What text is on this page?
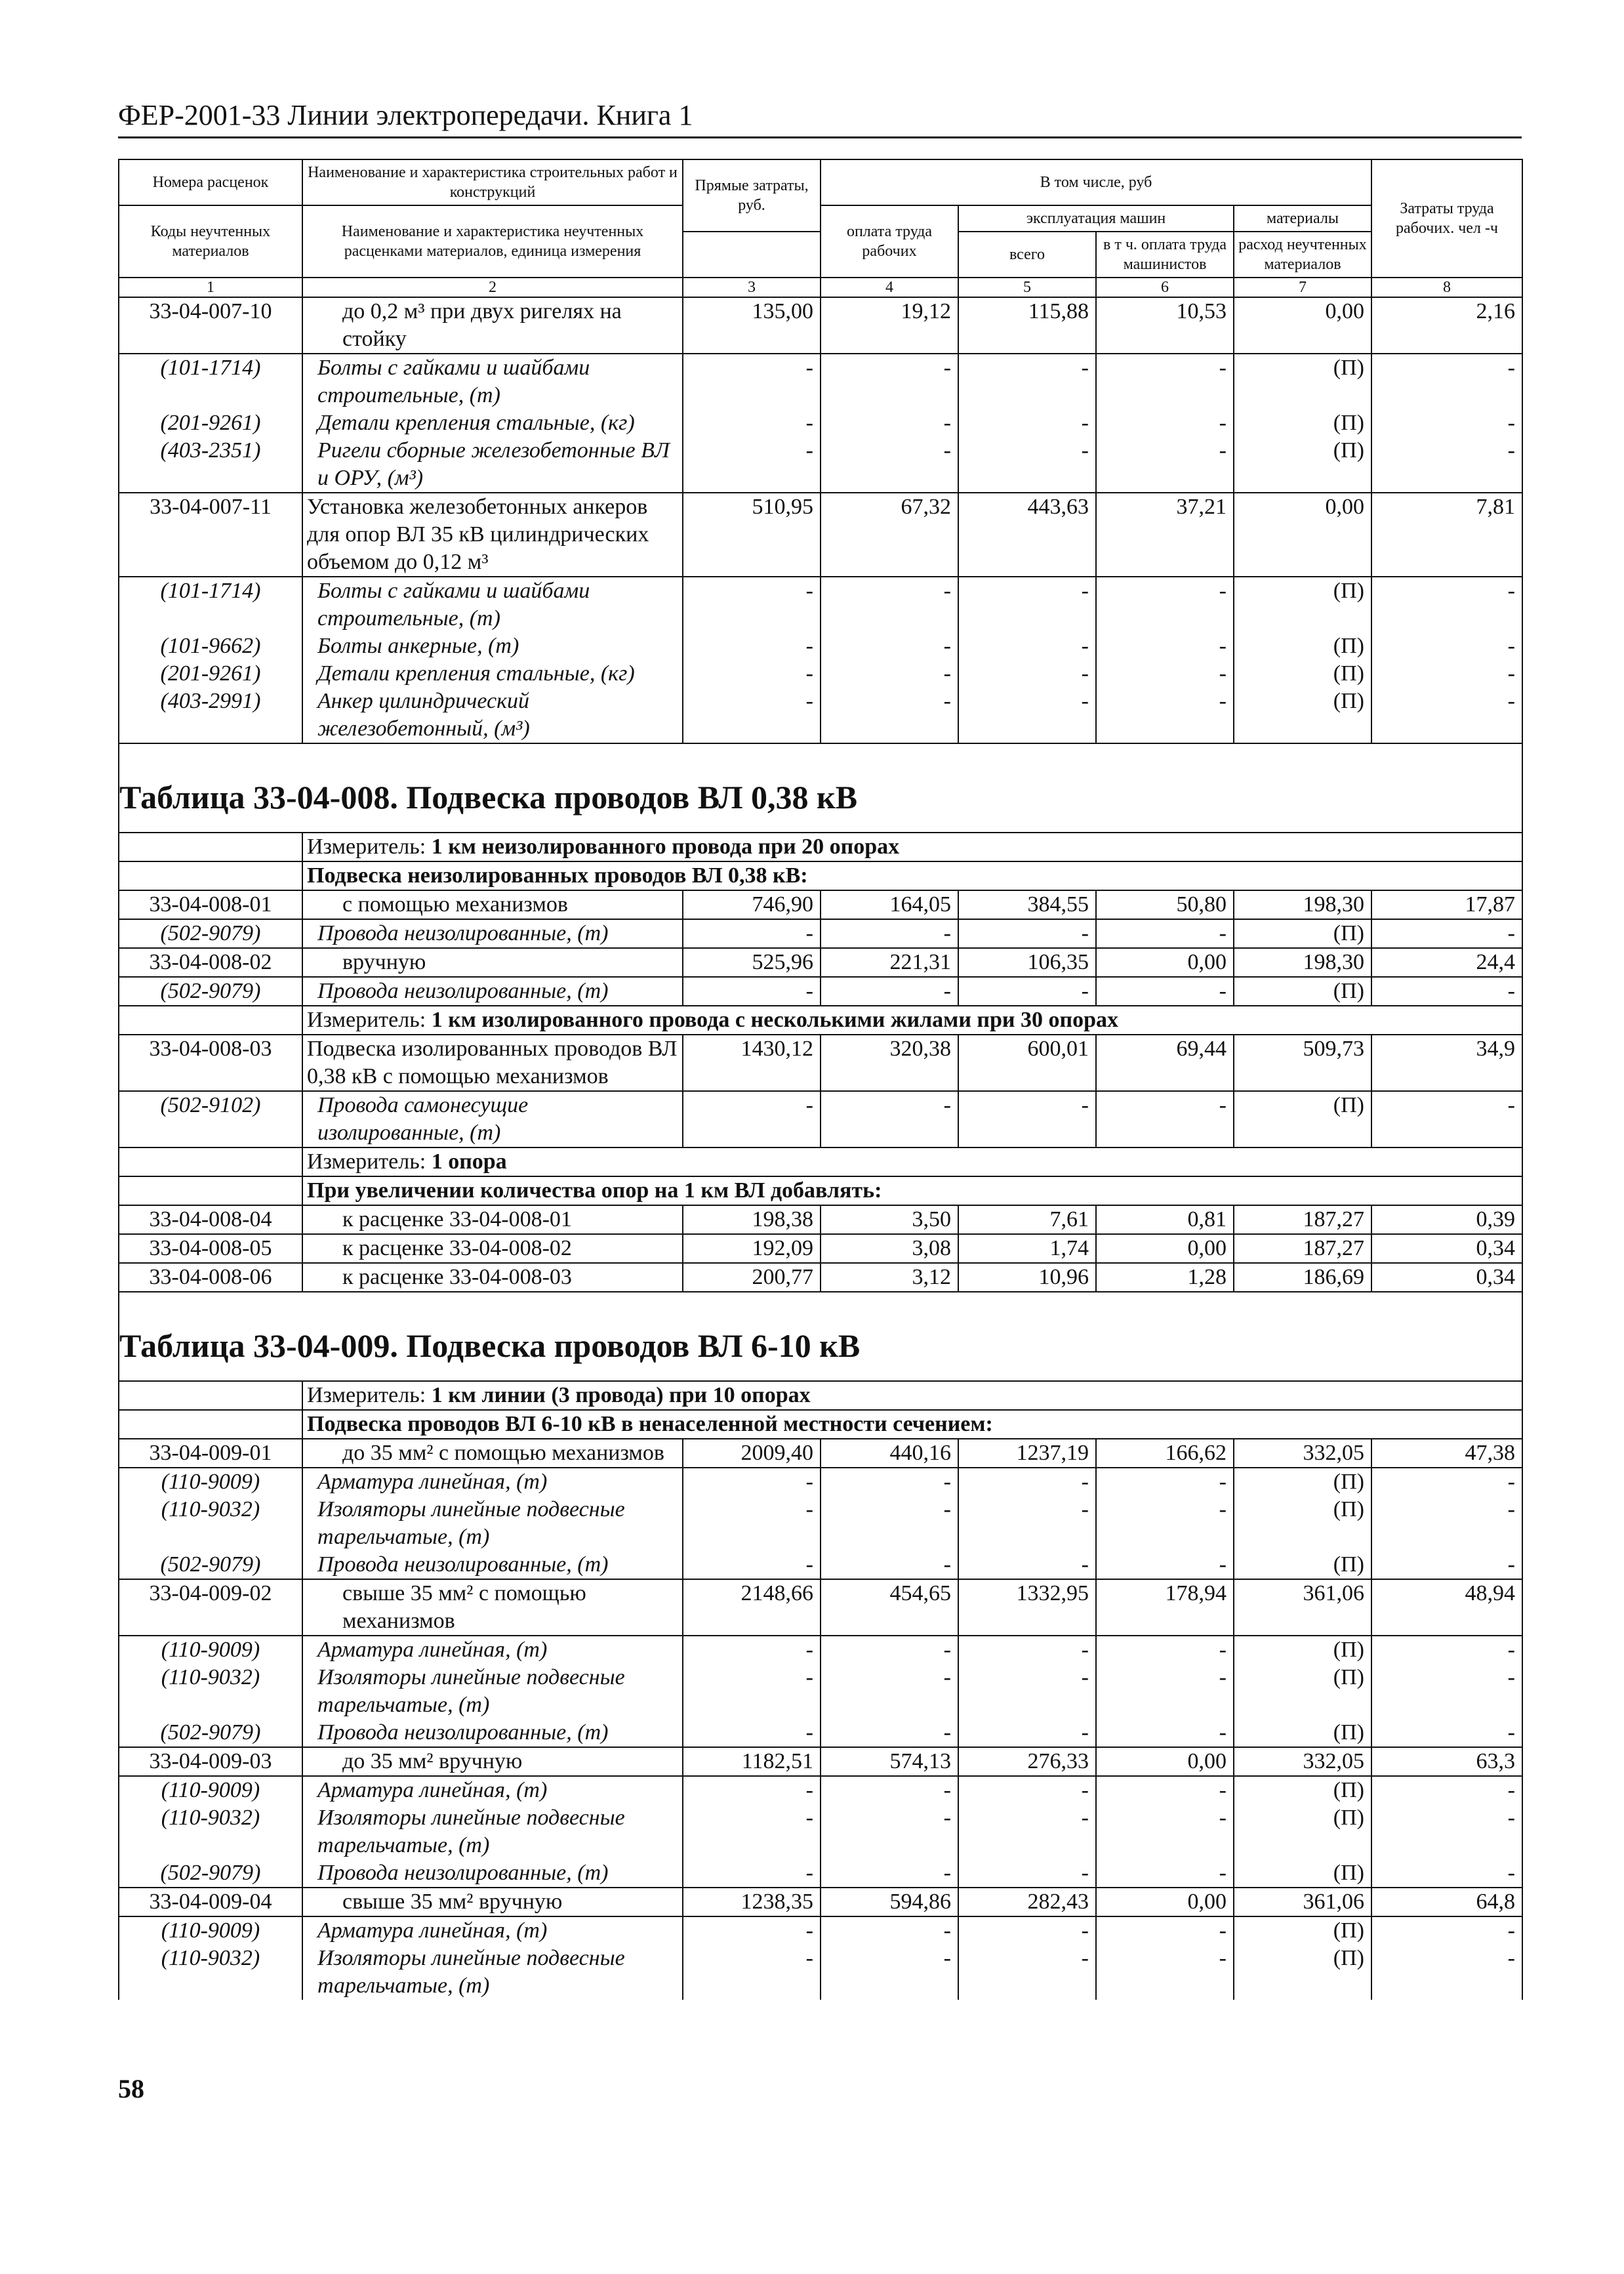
ФЕР-2001-33 Линии электропередачи. Книга 1
Номера расценок	Наименование и характеристика строительных работ и конструкций	Прямые затраты, руб.	В том числе, руб				Затраты труда рабочих. чел -ч
Коды неучтенных материалов	Наименование и характеристика неучтенных расценками материалов, единица измерения		оплата труда рабочих	эксплуатация машин		материалы	
				всего	в т ч. оплата труда машинистов	расход неучтенных материалов	

1	2	3	4	5	6	7	8
33-04-007-10	до 0,2 м³ при двух ригелях на стойку	135,00	19,12	115,88	10,53	0,00	2,16
(101-1714)	Болты с гайками и шайбами строительные, (т)	-	-	-	-	(П)	-
(201-9261)	Детали крепления стальные, (кг)	-	-	-	-	(П)	-
(403-2351)	Ригели сборные железобетонные ВЛ и ОРУ, (м³)	-	-	-	-	(П)	-
33-04-007-11	Установка железобетонных анкеров для опор ВЛ 35 кВ цилиндрических объемом до 0,12 м³	510,95	67,32	443,63	37,21	0,00	7,81
(101-1714)	Болты с гайками и шайбами строительные, (т)	-	-	-	-	(П)	-
(101-9662)	Болты анкерные, (т)	-	-	-	-	(П)	-
(201-9261)	Детали крепления стальные, (кг)	-	-	-	-	(П)	-
(403-2991)	Анкер цилиндрический железобетонный, (м³)	-	-	-	-	(П)	-
Таблица 33-04-008. Подвеска проводов ВЛ 0,38 кВ							
	Измеритель: 1 км неизолированного провода при 20 опорах						
	Подвеска неизолированных проводов ВЛ 0,38 кВ:						
33-04-008-01	с помощью механизмов	746,90	164,05	384,55	50,80	198,30	17,87
(502-9079)	Провода неизолированные, (т)	-	-	-	-	(П)	-
33-04-008-02	вручную	525,96	221,31	106,35	0,00	198,30	24,4
(502-9079)	Провода неизолированные, (т)	-	-	-	-	(П)	-
	Измеритель: 1 км изолированного провода с несколькими жилами при 30 опорах						
33-04-008-03	Подвеска изолированных проводов ВЛ 0,38 кВ с помощью механизмов	1430,12	320,38	600,01	69,44	509,73	34,9
(502-9102)	Провода самонесущие изолированные, (т)	-	-	-	-	(П)	-
	Измеритель: 1 опора						
	При увеличении количества опор на 1 км ВЛ добавлять:						
33-04-008-04	к расценке 33-04-008-01	198,38	3,50	7,61	0,81	187,27	0,39
33-04-008-05	к расценке 33-04-008-02	192,09	3,08	1,74	0,00	187,27	0,34
33-04-008-06	к расценке 33-04-008-03	200,77	3,12	10,96	1,28	186,69	0,34
Таблица 33-04-009. Подвеска проводов ВЛ 6-10 кВ							
	Измеритель: 1 км линии (3 провода) при 10 опорах						
	Подвеска проводов ВЛ 6-10 кВ в ненаселенной местности сечением:						
33-04-009-01	до 35 мм² с помощью механизмов	2009,40	440,16	1237,19	166,62	332,05	47,38
(110-9009)	Арматура линейная, (т)	-	-	-	-	(П)	-
(110-9032)	Изоляторы линейные подвесные тарельчатые, (т)	-	-	-	-	(П)	-
(502-9079)	Провода неизолированные, (т)	-	-	-	-	(П)	-
33-04-009-02	свыше 35 мм² с помощью механизмов	2148,66	454,65	1332,95	178,94	361,06	48,94
(110-9009)	Арматура линейная, (т)	-	-	-	-	(П)	-
(110-9032)	Изоляторы линейные подвесные тарельчатые, (т)	-	-	-	-	(П)	-
(502-9079)	Провода неизолированные, (т)	-	-	-	-	(П)	-
33-04-009-03	до 35 мм² вручную	1182,51	574,13	276,33	0,00	332,05	63,3
(110-9009)	Арматура линейная, (т)	-	-	-	-	(П)	-
(110-9032)	Изоляторы линейные подвесные тарельчатые, (т)	-	-	-	-	(П)	-
(502-9079)	Провода неизолированные, (т)	-	-	-	-	(П)	-
33-04-009-04	свыше 35 мм² вручную	1238,35	594,86	282,43	0,00	361,06	64,8
(110-9009)	Арматура линейная, (т)	-	-	-	-	(П)	-
(110-9032)	Изоляторы линейные подвесные тарельчатые, (т)	-	-	-	-	(П)	-
58
